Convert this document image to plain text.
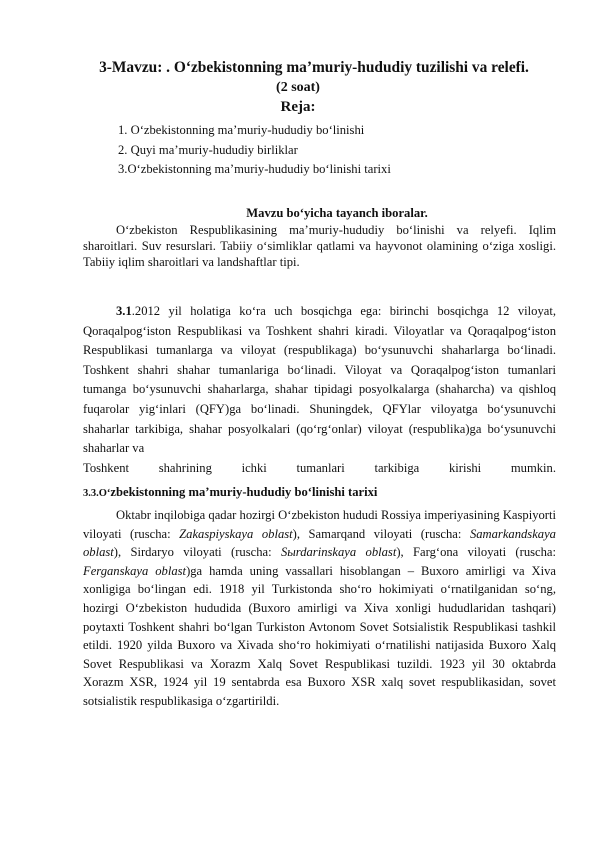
3-Mavzu: . O‘zbekistonning ma’muriy-hududiy tuzilishi va relefi.
(2 soat)
Reja:
1. O‘zbekistonning ma’muriy-hududiy bo‘linishi
2. Quyi ma’muriy-hududiy birliklar
3.O‘zbekistonning ma’muriy-hududiy bo‘linishi tarixi
Mavzu bo‘yicha tayanch iboralar.

O‘zbekiston Respublikasining ma’muriy-hududiy bo‘linishi va relyefi. Iqlim sharoitlari. Suv resurslari. Tabiiy o‘simliklar qatlami va hayvonot olamining o‘ziga xosligi. Tabiiy iqlim sharoitlari va landshaftlar tipi.

3.1.2012 yil holatiga ko‘ra uch bosqichga ega: birinchi bosqichga 12 viloyat, Qoraqalpog‘iston Respublikasi va Toshkent shahri kiradi. Viloyatlar va Qoraqalpog‘iston Respublikasi tumanlarga va viloyat (respublikaga) bo‘ysunuvchi shaharlarga bo‘linadi. Toshkent shahri shahar tumanlariga bo‘linadi. Viloyat va Qoraqalpog‘iston tumanlari tumanga bo‘ysunuvchi shaharlarga, shahar tipidagi posyolkalarga (shaharcha) va qishloq fuqarolar yig‘inlari (QFY)ga bo‘linadi. Shuningdek, QFYlar viloyatga bo‘ysunuvchi shaharlar tarkibiga, shahar posyolkalari (qo‘rg‘onlar) viloyat (respublika)ga bo‘ysunuvchi shaharlar va
Toshkent shahrining ichki tumanlari tarkibiga kirishi mumkin.

3.3.O‘zbekistonning ma’muriy-hududiy bo‘linishi tarixi

Oktabr inqilobiga qadar hozirgi O‘zbekiston hududi Rossiya imperiyasining Kaspiyorti viloyati (ruscha: Zakaspiyskaya oblast), Samarqand viloyati (ruscha: Samarkandskaya oblast), Sirdaryo viloyati (ruscha: Sыrdarinskaya oblast), Farg‘ona viloyati (ruscha: Ferganskaya oblast)ga hamda uning vassallari hisoblangan – Buxoro amirligi va Xiva xonligiga bo‘lingan edi. 1918 yil Turkistonda sho‘ro hokimiyati o‘rnatilganidan so‘ng, hozirgi O‘zbekiston hududida (Buxoro amirligi va Xiva xonligi hududlaridan tashqari) poytaxti Toshkent shahri bo‘lgan Turkiston Avtonom Sovet Sotsialistik Respublikasi tashkil etildi. 1920 yilda Buxoro va Xivada sho‘ro hokimiyati o‘rnatilishi natijasida Buxoro Xalq Sovet Respublikasi va Xorazm Xalq Sovet Respublikasi tuzildi. 1923 yil 30 oktabrda Xorazm XSR, 1924 yil 19 sentabrda esa Buxoro XSR xalq sovet respublikasidan, sovet sotsialistik respublikasiga o‘zgartirildi.
